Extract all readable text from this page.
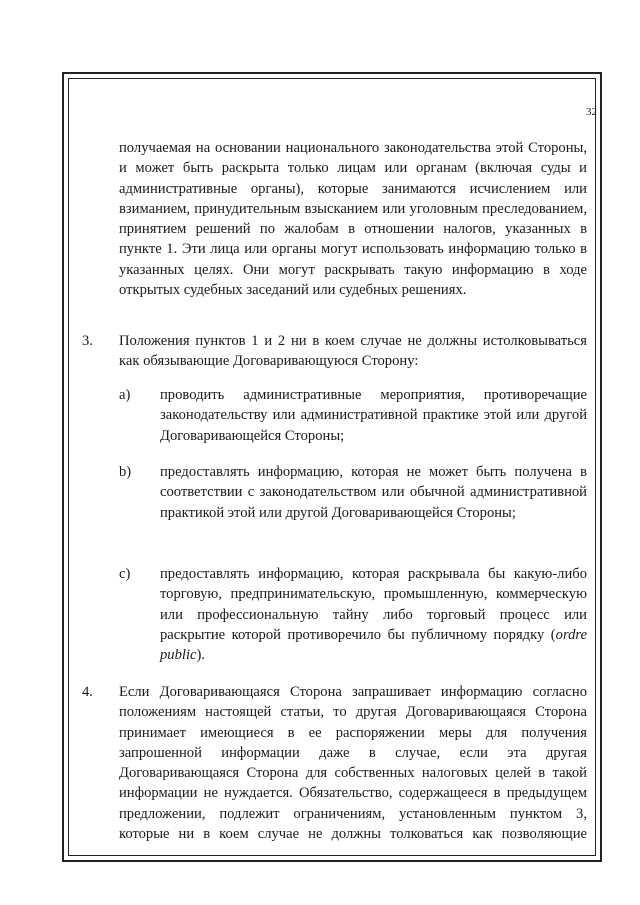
32
получаемая на основании национального законодательства этой Стороны, и может быть раскрыта только лицам или органам (включая суды и административные органы), которые занимаются исчислением или взиманием, принудительным взысканием или уголовным преследованием, принятием решений по жалобам в отношении налогов, указанных в пункте 1. Эти лица или органы могут использовать информацию только в указанных целях. Они могут раскрывать такую информацию в ходе открытых судебных заседаний или судебных решениях.
3. Положения пунктов 1 и 2 ни в коем случае не должны истолковываться как обязывающие Договаривающуюся Сторону:
a) проводить административные мероприятия, противоречащие законодательству или административной практике этой или другой Договаривающейся Стороны;
b) предоставлять информацию, которая не может быть получена в соответствии с законодательством или обычной административной практикой этой или другой Договаривающейся Стороны;
c) предоставлять информацию, которая раскрывала бы какую-либо торговую, предпринимательскую, промышленную, коммерческую или профессиональную тайну либо торговый процесс или раскрытие которой противоречило бы публичному порядку (ordre public).
4. Если Договаривающаяся Сторона запрашивает информацию согласно положениям настоящей статьи, то другая Договаривающаяся Сторона принимает имеющиеся в ее распоряжении меры для получения запрошенной информации даже в случае, если эта другая Договаривающаяся Сторона для собственных налоговых целей в такой информации не нуждается. Обязательство, содержащееся в предыдущем предложении, подлежит ограничениям, установленным пунктом 3, которые ни в коем случае не должны толковаться как позволяющие
